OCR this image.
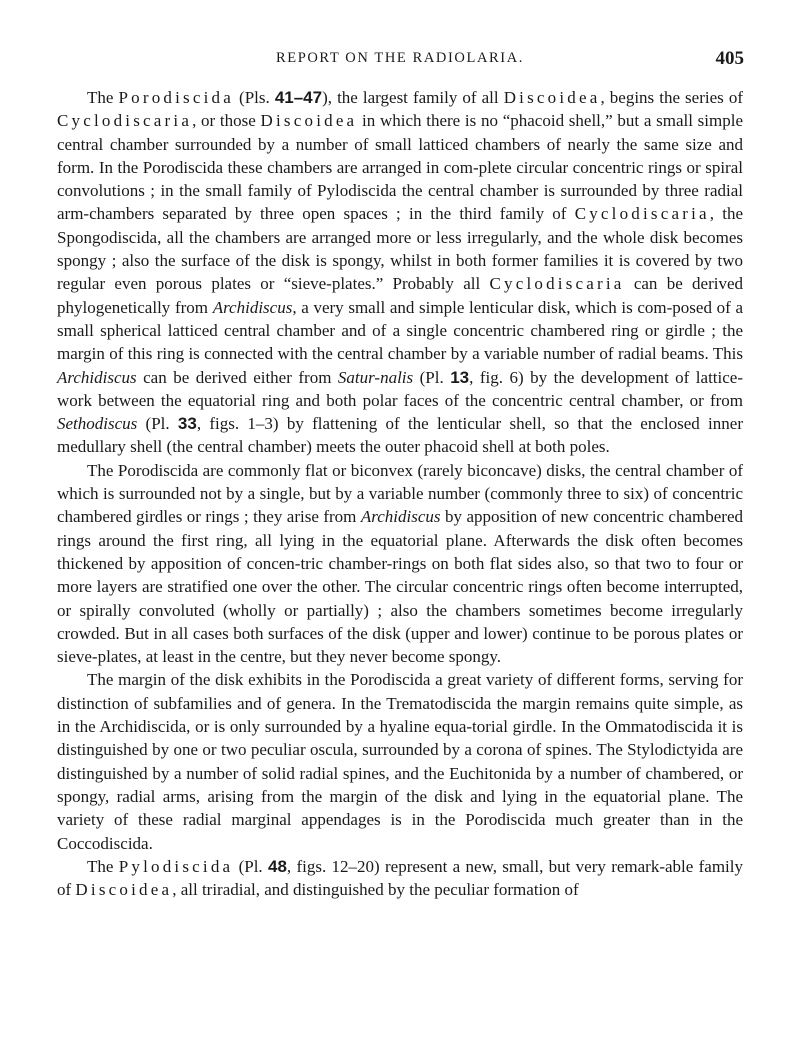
REPORT ON THE RADIOLARIA.	405

The Porodiscida (Pls. 41–47), the largest family of all Discoidea, begins the series of Cyclodiscaria, or those Discoidea in which there is no “phacoid shell,” but a small simple central chamber surrounded by a number of small latticed chambers of nearly the same size and form. In the Porodiscida these chambers are arranged in com-plete circular concentric rings or spiral convolutions ; in the small family of Pylodiscida the central chamber is surrounded by three radial arm-chambers separated by three open spaces ; in the third family of Cyclodiscaria, the Spongodiscida, all the chambers are arranged more or less irregularly, and the whole disk becomes spongy ; also the surface of the disk is spongy, whilst in both former families it is covered by two regular even porous plates or “sieve-plates.” Probably all Cyclodiscaria can be derived phylogenetically from Archidiscus, a very small and simple lenticular disk, which is com-posed of a small spherical latticed central chamber and of a single concentric chambered ring or girdle ; the margin of this ring is connected with the central chamber by a variable number of radial beams. This Archidiscus can be derived either from Satur-nalis (Pl. 13, fig. 6) by the development of lattice-work between the equatorial ring and both polar faces of the concentric central chamber, or from Sethodiscus (Pl. 33, figs. 1–3) by flattening of the lenticular shell, so that the enclosed inner medullary shell (the central chamber) meets the outer phacoid shell at both poles.

The Porodiscida are commonly flat or biconvex (rarely biconcave) disks, the central chamber of which is surrounded not by a single, but by a variable number (commonly three to six) of concentric chambered girdles or rings ; they arise from Archidiscus by apposition of new concentric chambered rings around the first ring, all lying in the equatorial plane. Afterwards the disk often becomes thickened by apposition of concen-tric chamber-rings on both flat sides also, so that two to four or more layers are stratified one over the other. The circular concentric rings often become interrupted, or spirally convoluted (wholly or partially) ; also the chambers sometimes become irregularly crowded. But in all cases both surfaces of the disk (upper and lower) continue to be porous plates or sieve-plates, at least in the centre, but they never become spongy.

The margin of the disk exhibits in the Porodiscida a great variety of different forms, serving for distinction of subfamilies and of genera. In the Trematodiscida the margin remains quite simple, as in the Archidiscida, or is only surrounded by a hyaline equa-torial girdle. In the Ommatodiscida it is distinguished by one or two peculiar oscula, surrounded by a corona of spines. The Stylodictyida are distinguished by a number of solid radial spines, and the Euchitonida by a number of chambered, or spongy, radial arms, arising from the margin of the disk and lying in the equatorial plane. The variety of these radial marginal appendages is in the Porodiscida much greater than in the Coccodiscida.

The Pylodiscida (Pl. 48, figs. 12–20) represent a new, small, but very remark-able family of Discoidea, all triradial, and distinguished by the peculiar formation of
